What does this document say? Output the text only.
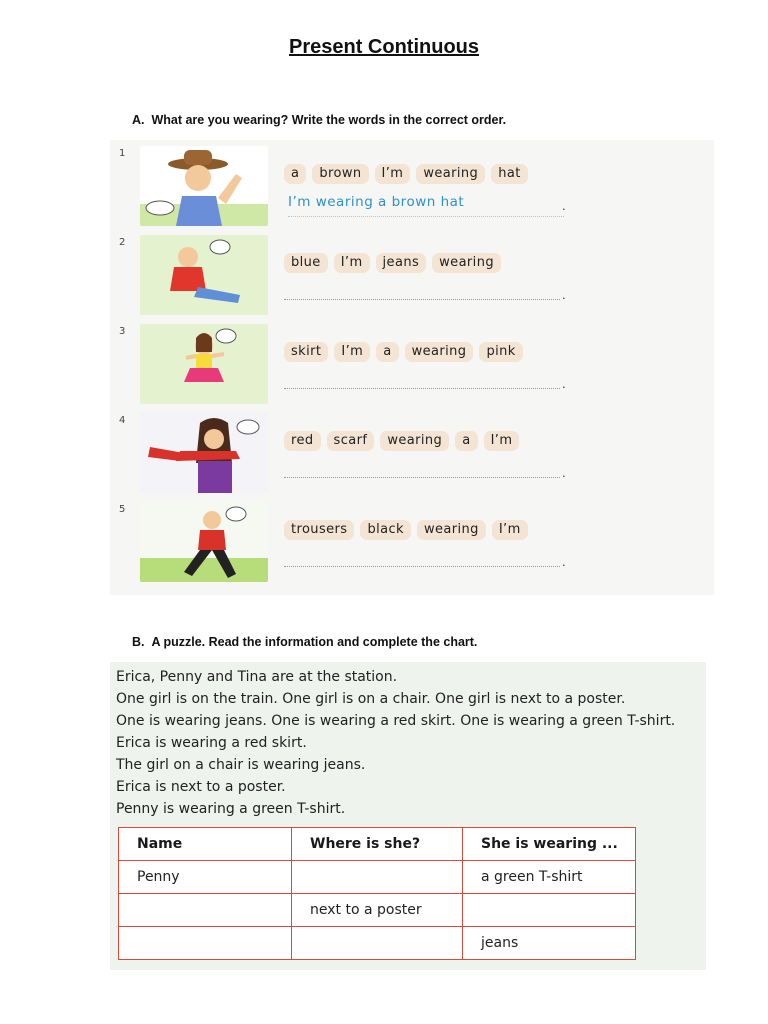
Present Continuous
A.  What are you wearing? Write the words in the correct order.
1
a	brown	I’m	wearing	hat
I’m wearing a brown hat	.
2
blue	I’m	jeans	wearing
.
3
skirt	I’m	a	wearing	pink
.
4
red	scarf	wearing	a	I’m
.
5
trousers	black	wearing	I’m
.
B.  A puzzle. Read the information and complete the chart.
Erica, Penny and Tina are at the station.
One girl is on the train. One girl is on a chair. One girl is next to a poster.
One is wearing jeans. One is wearing a red skirt. One is wearing a green T-shirt.
Erica is wearing a red skirt.
The girl on a chair is wearing jeans.
Erica is next to a poster.
Penny is wearing a green T-shirt.
Name	Where is she?	She is wearing ...
Penny		a green T-shirt
	next to a poster	
		jeans
